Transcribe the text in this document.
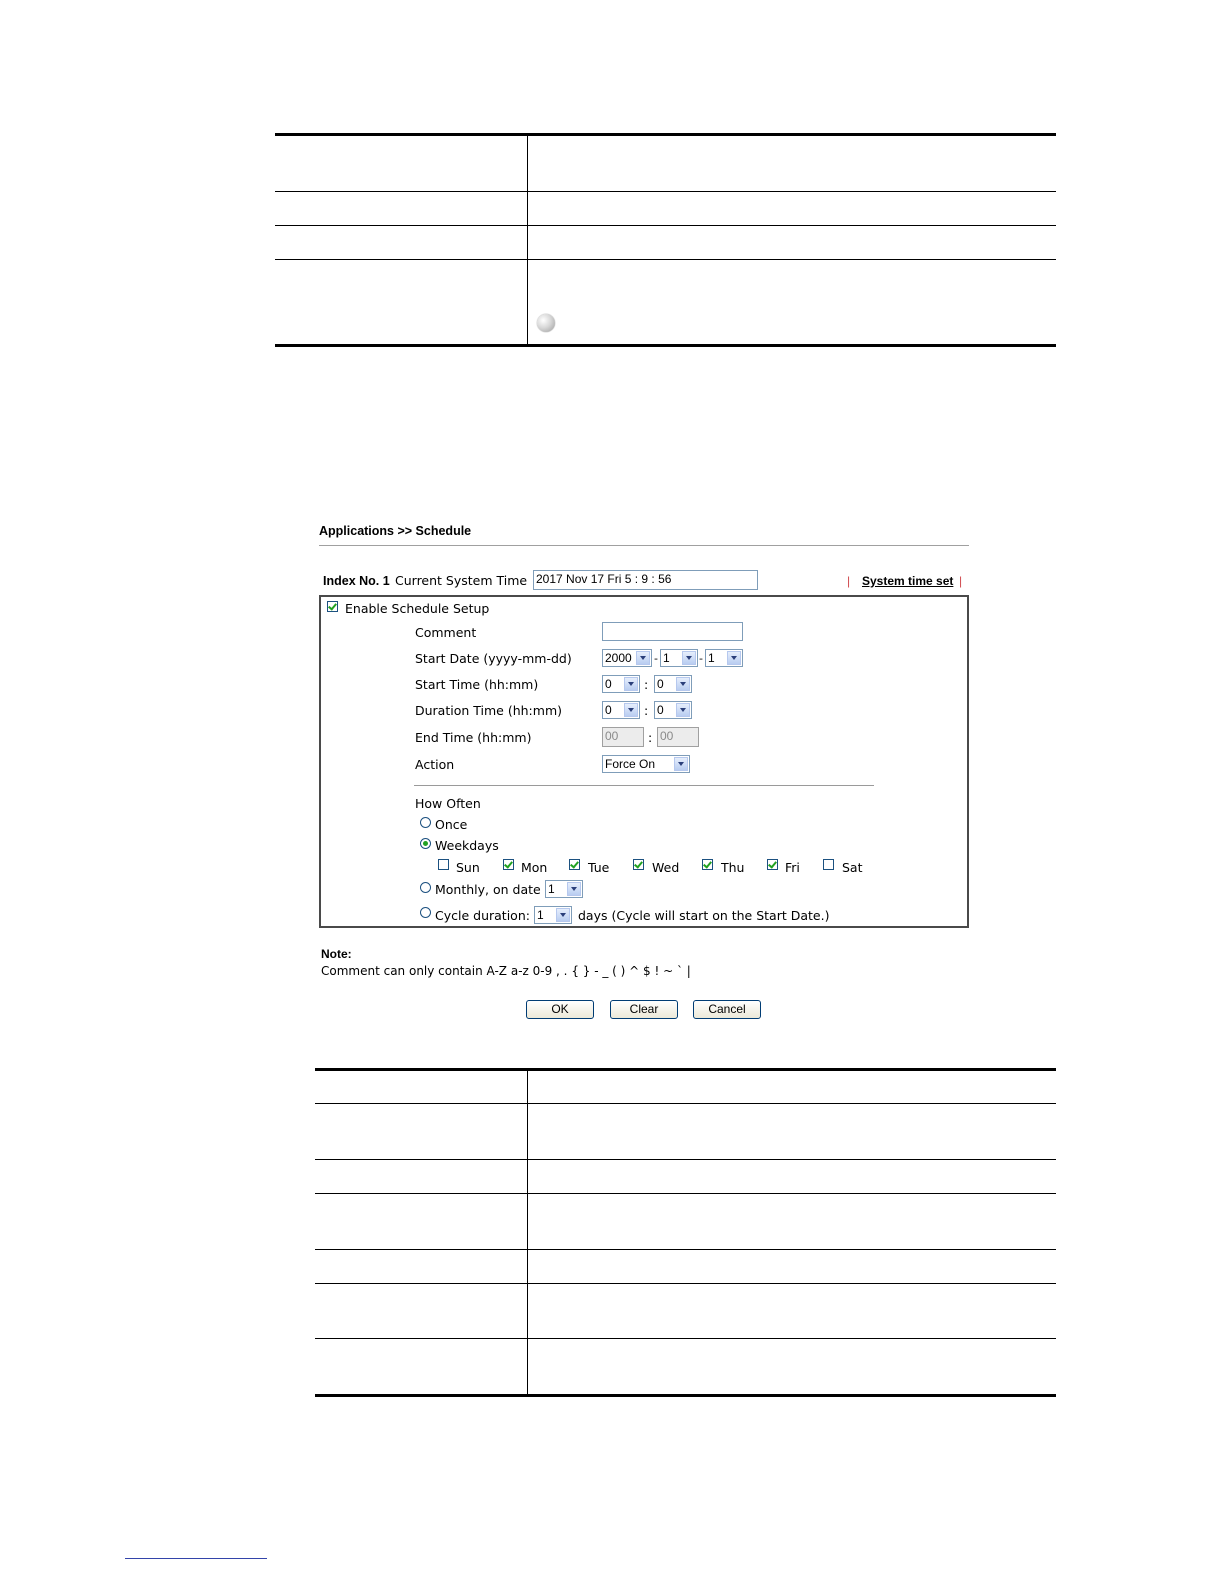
Applications >> Schedule
Index No. 1 Current System Time 2017 Nov 17 Fri 5 : 9 : 56	| System time set |
Enable Schedule Setup
Comment
Start Date (yyyy-mm-dd)	2000	- 1	- 1
Start Time (hh:mm)	0	: 0
Duration Time (hh:mm)	0	: 0
End Time (hh:mm)	00	: 00
Action	Force On
How Often
Once
Weekdays
Sun	Mon	Tue	Wed	Thu	Fri	Sat
Monthly, on date 1
Cycle duration: 1	days (Cycle will start on the Start Date.)
Note:
Comment can only contain A-Z a-z 0-9 , . { } - _ ( ) ^ $ ! ~ ` |
OK	Clear	Cancel
